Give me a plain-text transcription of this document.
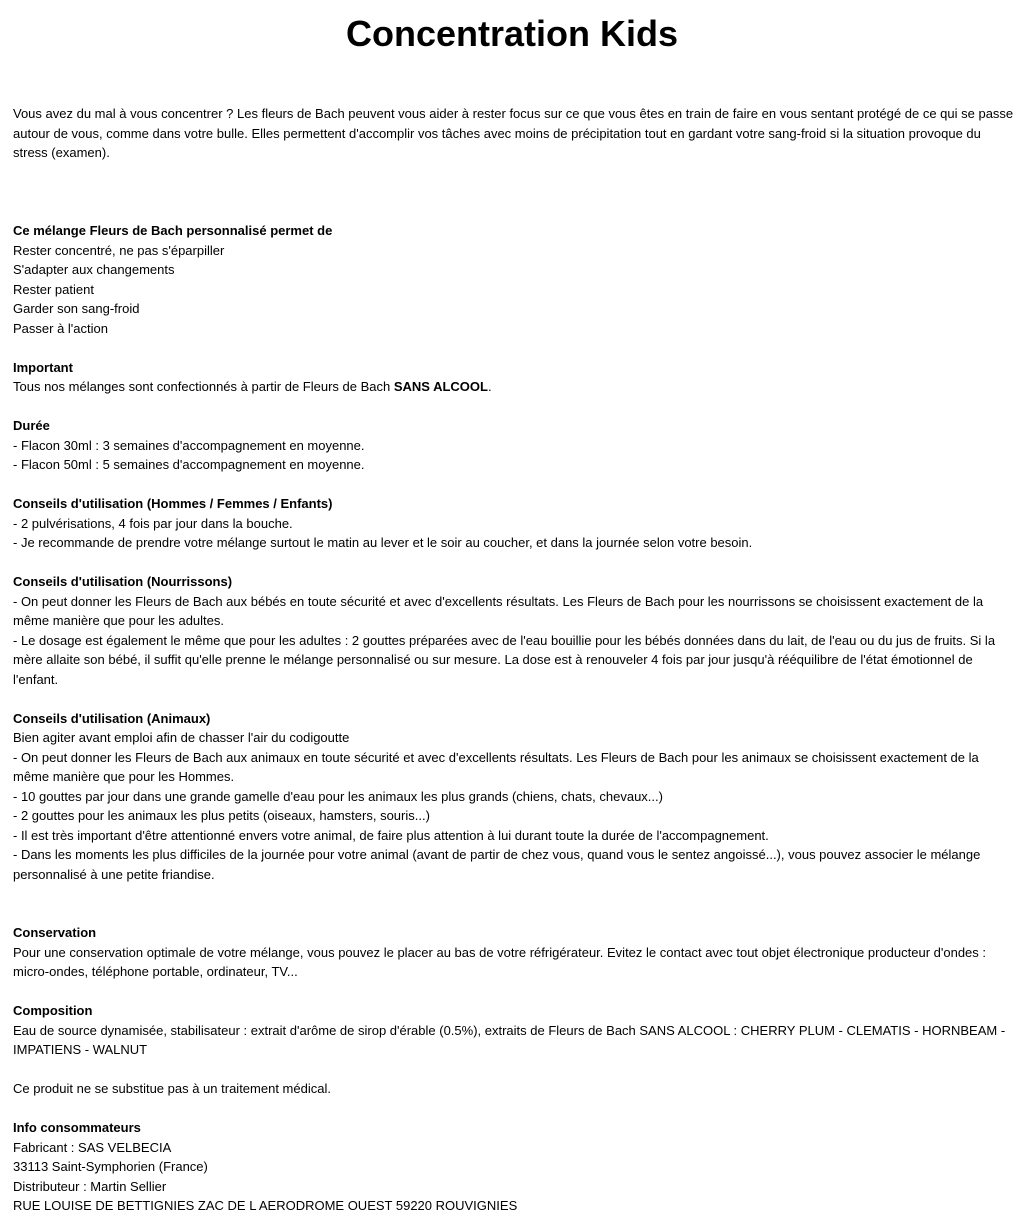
Concentration Kids

Vous avez du mal à vous concentrer ? Les fleurs de Bach peuvent vous aider à rester focus sur ce que vous êtes en train de faire en vous sentant protégé de ce qui se passe autour de vous, comme dans votre bulle. Elles permettent d'accomplir vos tâches avec moins de précipitation tout en gardant votre sang-froid si la situation provoque du stress (examen).

Ce mélange Fleurs de Bach personnalisé permet de

Rester concentré, ne pas s'éparpiller

S'adapter aux changements

Rester patient

Garder son sang-froid

Passer à l'action

Important

Tous nos mélanges sont confectionnés à partir de Fleurs de Bach SANS ALCOOL.

Durée

- Flacon 30ml : 3 semaines d'accompagnement en moyenne.

- Flacon 50ml : 5 semaines d'accompagnement en moyenne.

Conseils d'utilisation (Hommes / Femmes / Enfants)

- 2 pulvérisations, 4 fois par jour dans la bouche.

- Je recommande de prendre votre mélange surtout le matin au lever et le soir au coucher, et dans la journée selon votre besoin.

Conseils d'utilisation (Nourrissons)

- On peut donner les Fleurs de Bach aux bébés en toute sécurité et avec d'excellents résultats. Les Fleurs de Bach pour les nourrissons se choisissent exactement de la même manière que pour les adultes.

- Le dosage est également le même que pour les adultes : 2 gouttes préparées avec de l'eau bouillie pour les bébés données dans du lait, de l'eau ou du jus de fruits. Si la mère allaite son bébé, il suffit qu'elle prenne le mélange personnalisé ou sur mesure. La dose est à renouveler 4 fois par jour jusqu'à rééquilibre de l'état émotionnel de l'enfant.

Conseils d'utilisation (Animaux)

Bien agiter avant emploi afin de chasser l'air du codigoutte

- On peut donner les Fleurs de Bach aux animaux en toute sécurité et avec d'excellents résultats. Les Fleurs de Bach pour les animaux se choisissent exactement de la même manière que pour les Hommes.

- 10 gouttes par jour dans une grande gamelle d'eau pour les animaux les plus grands (chiens, chats, chevaux...)

- 2 gouttes pour les animaux les plus petits (oiseaux, hamsters, souris...)

- Il est très important d'être attentionné envers votre animal, de faire plus attention à lui durant toute la durée de l'accompagnement.

- Dans les moments les plus difficiles de la journée pour votre animal (avant de partir de chez vous, quand vous le sentez angoissé...), vous pouvez associer le mélange personnalisé à une petite friandise.

Conservation

Pour une conservation optimale de votre mélange, vous pouvez le placer au bas de votre réfrigérateur. Evitez le contact avec tout objet électronique producteur d'ondes : micro-ondes, téléphone portable, ordinateur, TV...

Composition

Eau de source dynamisée, stabilisateur : extrait d'arôme de sirop d'érable (0.5%), extraits de Fleurs de Bach SANS ALCOOL : CHERRY PLUM - CLEMATIS - HORNBEAM - IMPATIENS - WALNUT

Ce produit ne se substitue pas à un traitement médical.

Info consommateurs

Fabricant : SAS VELBECIA

33113 Saint-Symphorien (France)

Distributeur : Martin Sellier

RUE LOUISE DE BETTIGNIES ZAC DE L AERODROME OUEST 59220 ROUVIGNIES
